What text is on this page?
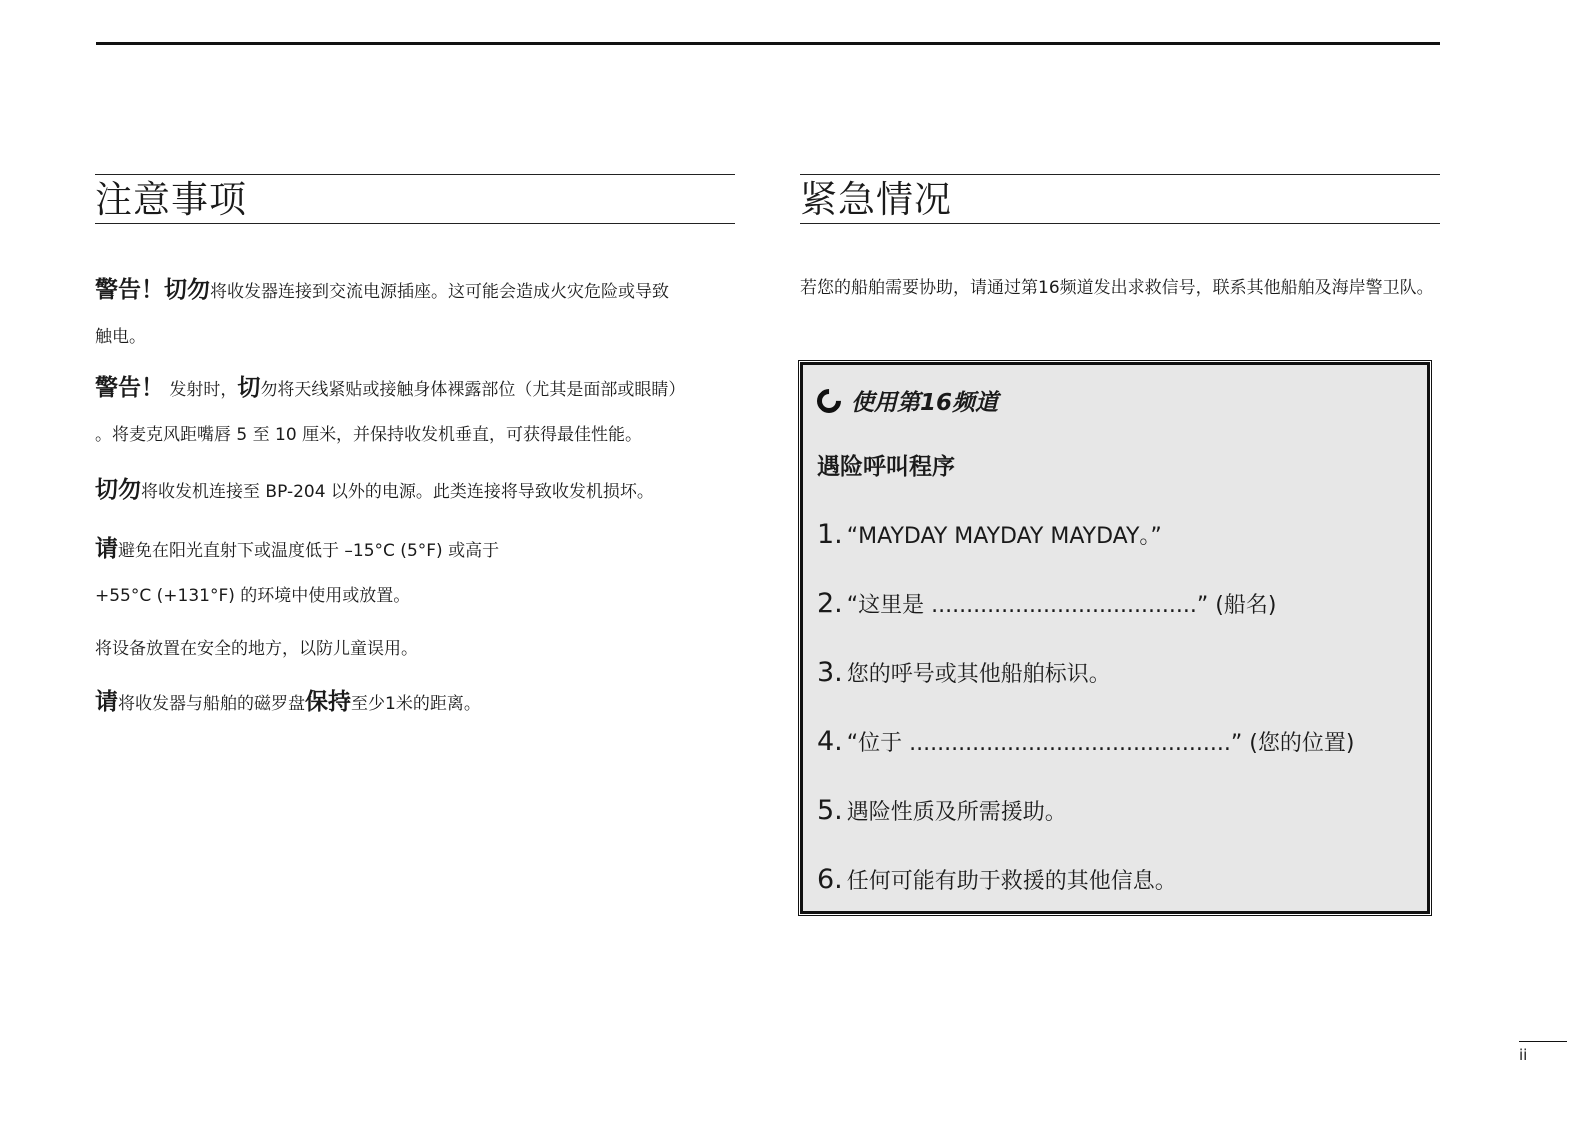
注意事项

警告！切勿将收发器连接到交流电源插座。这可能会造成火灾危险或导致
触电。

警告！ 发射时，切勿将天线紧贴或接触身体裸露部位（尤其是面部或眼睛）
。将麦克风距嘴唇 5 至 10 厘米，并保持收发机垂直，可获得最佳性能。

切勿将收发机连接至 BP-204 以外的电源。此类连接将导致收发机损坏。

请避免在阳光直射下或温度低于 –15°C (5°F) 或高于
+55°C (+131°F) 的环境中使用或放置。

将设备放置在安全的地方，以防儿童误用。

请将收发器与船舶的磁罗盘保持至少1米的距离。

紧急情况

若您的船舶需要协助，请通过第16频道发出求救信号，联系其他船舶及海岸警卫队。

使用第16频道
遇险呼叫程序
1. “MAYDAY MAYDAY MAYDAY。”
2. “这里是 ......................................” (船名)
3. 您的呼号或其他船舶标识。
4. “位于 ..............................................” (您的位置)
5. 遇险性质及所需援助。
6. 任何可能有助于救援的其他信息。
ii
